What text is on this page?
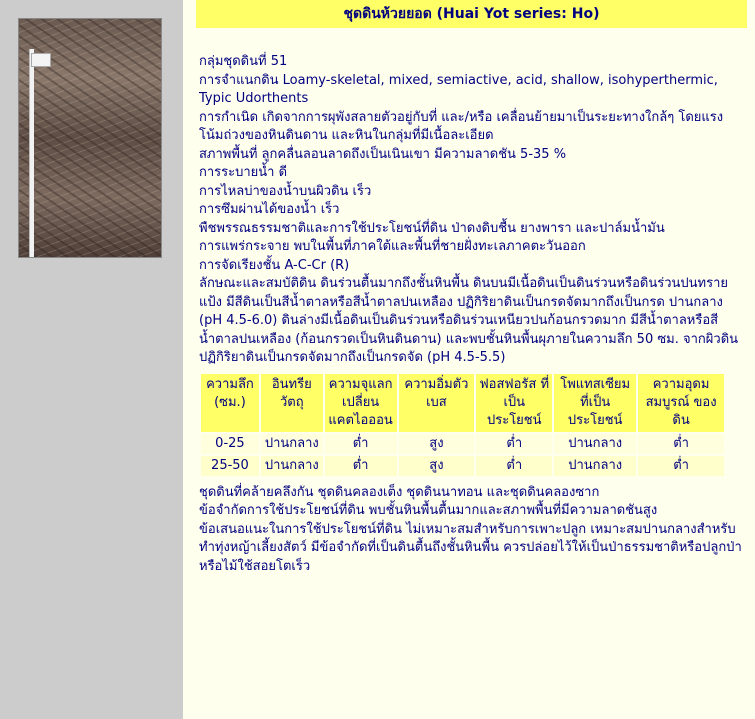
ชุดดินห้วยยอด (Huai Yot series: Ho)

กลุ่มชุดดินที่ 51

การจำแนกดิน Loamy-skeletal, mixed, semiactive, acid, shallow, isohyperthermic, Typic Udorthents

การกำเนิด เกิดจากการผุพังสลายตัวอยู่กับที่ และ/หรือ เคลื่อนย้ายมาเป็นระยะทางใกล้ๆ โดยแรงโน้มถ่วงของหินดินดาน และหินในกลุ่มที่มีเนื้อละเอียด

สภาพพื้นที่ ลูกคลื่นลอนลาดถึงเป็นเนินเขา มีความลาดชัน 5-35 %

การระบายน้ำ ดี

การไหลบ่าของน้ำบนผิวดิน เร็ว

การซึมผ่านได้ของน้ำ เร็ว

พืชพรรณธรรมชาติและการใช้ประโยชน์ที่ดิน ป่าดงดิบชื้น ยางพารา และปาล์มน้ำมัน

การแพร่กระจาย พบในพื้นที่ภาคใต้และพื้นที่ชายฝั่งทะเลภาคตะวันออก

การจัดเรียงชั้น A-C-Cr (R)

ลักษณะและสมบัติดิน ดินร่วนตื้นมากถึงชั้นหินพื้น ดินบนมีเนื้อดินเป็นดินร่วนหรือดินร่วนปนทรายแป้ง มีสีดินเป็นสีน้ำตาลหรือสีน้ำตาลปนเหลือง ปฏิกิริยาดินเป็นกรดจัดมากถึงเป็นกรด ปานกลาง (pH 4.5-6.0) ดินล่างมีเนื้อดินเป็นดินร่วนหรือดินร่วนเหนียวปนก้อนกรวดมาก มีสีน้ำตาลหรือสีน้ำตาลปนเหลือง (ก้อนกรวดเป็นหินดินดาน) และพบชั้นหินพื้นผุภายในความลึก 50 ซม. จากผิวดิน ปฏิกิริยาดินเป็นกรดจัดมากถึงเป็นกรดจัด (pH 4.5-5.5)

ความลึก (ซม.)	อินทรีย วัตถุ	ความจุแลก เปลี่ยน แคตไอออน	ความอิ่มตัว เบส	ฟอสฟอรัส ที่เป็น ประโยชน์	โพแทสเซียม ที่เป็นประโยชน์	ความอุดม สมบูรณ์ ของดิน
0-25	ปานกลาง	ต่ำ	สูง	ต่ำ	ปานกลาง	ต่ำ
25-50	ปานกลาง	ต่ำ	สูง	ต่ำ	ปานกลาง	ต่ำ

ชุดดินที่คล้ายคลึงกัน ชุดดินคลองเต็ง ชุดดินนาทอน และชุดดินคลองซาก

ข้อจำกัดการใช้ประโยชน์ที่ดิน พบชั้นหินพื้นตื้นมากและสภาพพื้นที่มีความลาดชันสูง

ข้อเสนอแนะในการใช้ประโยชน์ที่ดิน ไม่เหมาะสมสำหรับการเพาะปลูก เหมาะสมปานกลางสำหรับทำทุ่งหญ้าเลี้ยงสัตว์ มีข้อจำกัดที่เป็นดินตื้นถึงชั้นหินพื้น ควรปล่อยไว้ให้เป็นป่าธรรมชาติหรือปลูกป่าหรือไม้ใช้สอยโตเร็ว
